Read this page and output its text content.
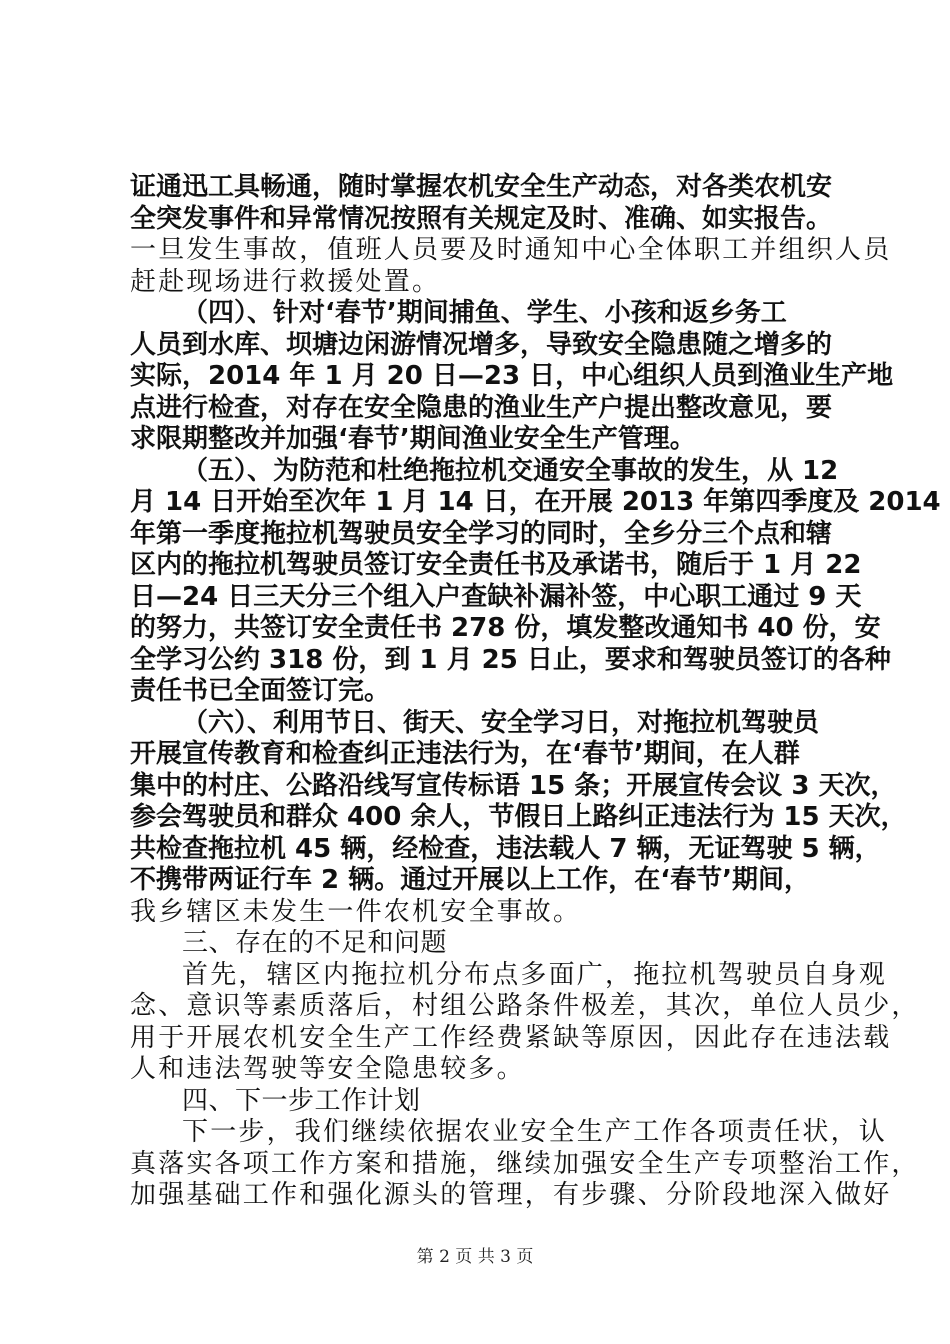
证通迅工具畅通，随时掌握农机安全生产动态，对各类农机安
全突发事件和异常情况按照有关规定及时、准确、如实报告。
一旦发生事故，值班人员要及时通知中心全体职工并组织人员
赶赴现场进行救援处置。
（四）、针对‘春节’期间捕鱼、学生、小孩和返乡务工
人员到水库、坝塘边闲游情况增多，导致安全隐患随之增多的
实际，2014 年 1 月 20 日—23 日，中心组织人员到渔业生产地
点进行检查，对存在安全隐患的渔业生产户提出整改意见，要
求限期整改并加强‘春节’期间渔业安全生产管理。
（五）、为防范和杜绝拖拉机交通安全事故的发生，从 12
月 14 日开始至次年 1 月 14 日，在开展 2013 年第四季度及 2014
年第一季度拖拉机驾驶员安全学习的同时，全乡分三个点和辖
区内的拖拉机驾驶员签订安全责任书及承诺书，随后于 1 月 22
日—24 日三天分三个组入户查缺补漏补签，中心职工通过 9 天
的努力，共签订安全责任书 278 份，填发整改通知书 40 份，安
全学习公约 318 份，到 1 月 25 日止，要求和驾驶员签订的各种
责任书已全面签订完。
（六）、利用节日、街天、安全学习日，对拖拉机驾驶员
开展宣传教育和检查纠正违法行为，在‘春节’期间，在人群
集中的村庄、公路沿线写宣传标语 15 条；开展宣传会议 3 天次，
参会驾驶员和群众 400 余人，节假日上路纠正违法行为 15 天次，
共检查拖拉机 45 辆，经检查，违法载人 7 辆，无证驾驶 5 辆，
不携带两证行车 2 辆。通过开展以上工作，在‘春节’期间，
我乡辖区未发生一件农机安全事故。
三、存在的不足和问题
首先，辖区内拖拉机分布点多面广，拖拉机驾驶员自身观
念、意识等素质落后，村组公路条件极差，其次，单位人员少，
用于开展农机安全生产工作经费紧缺等原因，因此存在违法载
人和违法驾驶等安全隐患较多。
四、下一步工作计划
下一步，我们继续依据农业安全生产工作各项责任状，认
真落实各项工作方案和措施，继续加强安全生产专项整治工作，
加强基础工作和强化源头的管理，有步骤、分阶段地深入做好
第 2 页 共 3 页
